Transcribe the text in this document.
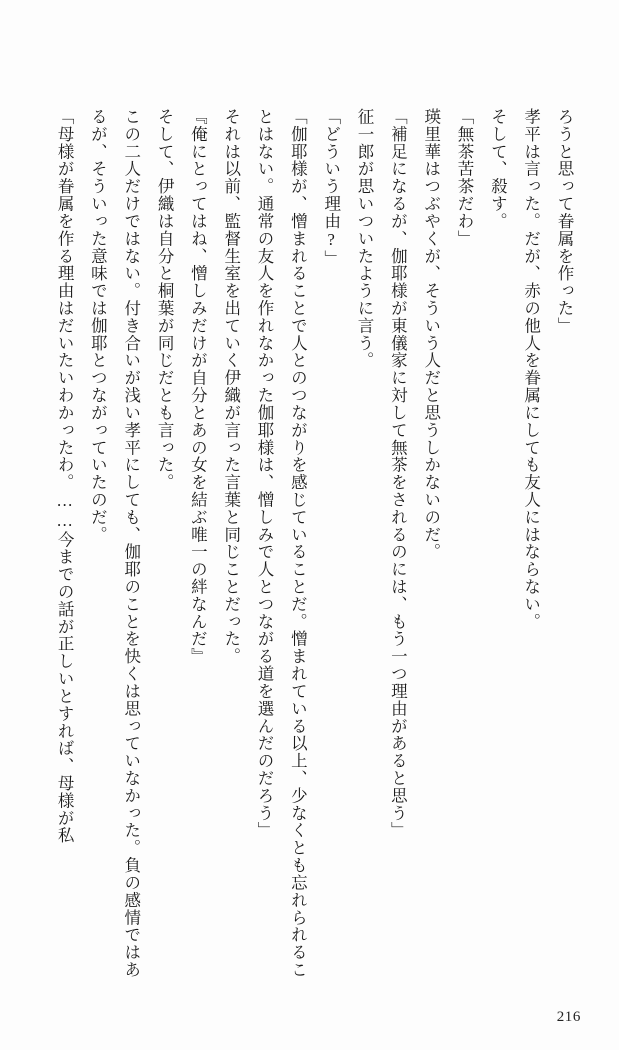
ろうと思って眷属を作った」

孝平は言った。だが、赤の他人を眷属にしても友人にはならない。

そして、殺す。

「無茶苦茶だわ」

瑛里華はつぶやくが、そういう人だと思うしかないのだ。

「補足になるが、伽耶様が東儀家に対して無茶をされるのには、もう一つ理由があると思う」

征一郎が思いついたように言う。

「どういう理由?」

「伽耶様が、憎まれることで人とのつながりを感じていることだ。憎まれている以上、少なくとも忘れられることはない。通常の友人を作れなかった伽耶様は、憎しみで人とつながる道を選んだのだろう」

それは以前、監督生室を出ていく伊織が言った言葉と同じことだった。

『俺にとってはね、憎しみだけが自分とあの女を結ぶ唯一の絆なんだ』

そして、伊織は自分と桐葉が同じだとも言った。

この二人だけではない。付き合いが浅い孝平にしても、伽耶のことを快くは思っていなかった。負の感情ではあるが、そういった意味では伽耶とつながっていたのだ。

「母様が眷属を作る理由はだいたいわかったわ。……今までの話が正しいとすれば、母様が私

216
